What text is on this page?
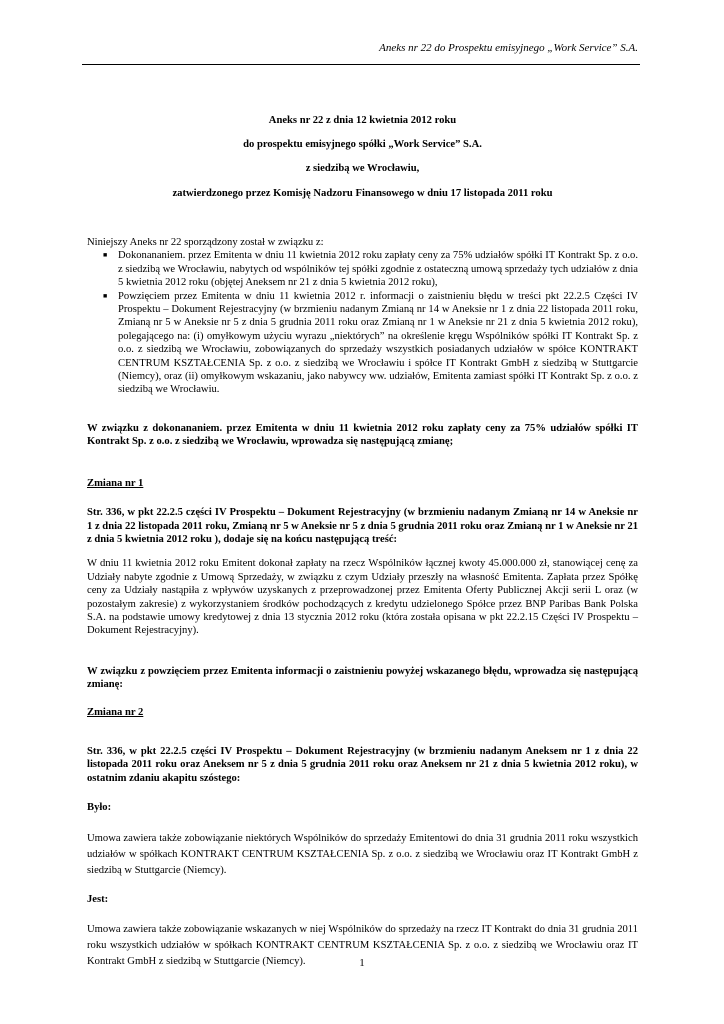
Aneks nr 22 do Prospektu emisyjnego „Work Service” S.A.
Aneks nr 22 z dnia 12 kwietnia 2012 roku
do prospektu emisyjnego spółki „Work Service” S.A.
z siedzibą we Wrocławiu,
zatwierdzonego przez Komisję Nadzoru Finansowego w dniu 17 listopada 2011 roku

Niniejszy Aneks nr 22 sporządzony został w związku z:

■ Dokonananiem. przez Emitenta w dniu 11 kwietnia 2012 roku zapłaty ceny za 75% udziałów spółki IT Kontrakt Sp. z o.o. z siedzibą we Wrocławiu, nabytych od wspólników tej spółki zgodnie z ostateczną umową sprzedaży tych udziałów z dnia 5 kwietnia 2012 roku (objętej Aneksem nr 21 z dnia 5 kwietnia 2012 roku),
■ Powzięciem przez Emitenta w dniu 11 kwietnia 2012 r. informacji o zaistnieniu błędu w treści pkt 22.2.5 Części IV Prospektu – Dokument Rejestracyjny (w brzmieniu nadanym Zmianą nr 14 w Aneksie nr 1 z dnia 22 listopada 2011 roku, Zmianą nr 5 w Aneksie nr 5 z dnia 5 grudnia 2011 roku oraz Zmianą nr 1 w Aneksie nr 21 z dnia 5 kwietnia 2012 roku), polegającego na: (i) omyłkowym użyciu wyrazu „niektórych” na określenie kręgu Wspólników spółki IT Kontrakt Sp. z o.o. z siedzibą we Wrocławiu, zobowiązanych do sprzedaży wszystkich posiadanych udziałów w spółce KONTRAKT CENTRUM KSZTAŁCENIA Sp. z o.o. z siedzibą we Wrocławiu i spółce IT Kontrakt GmbH z siedzibą w Stuttgarcie (Niemcy), oraz (ii) omyłkowym wskazaniu, jako nabywcy ww. udziałów, Emitenta zamiast spółki IT Kontrakt Sp. z o.o. z siedzibą we Wrocławiu.

W związku z dokonananiem. przez Emitenta w dniu 11 kwietnia 2012 roku zapłaty ceny za 75% udziałów spółki IT Kontrakt Sp. z o.o. z siedzibą we Wrocławiu, wprowadza się następującą zmianę;

Zmiana nr 1

Str. 336, w pkt 22.2.5 części IV Prospektu – Dokument Rejestracyjny (w brzmieniu nadanym Zmianą nr 14 w Aneksie nr 1 z dnia 22 listopada 2011 roku, Zmianą nr 5 w Aneksie nr 5 z dnia 5 grudnia 2011 roku oraz Zmianą nr 1 w Aneksie nr 21 z dnia 5 kwietnia 2012 roku ), dodaje się na końcu następującą treść:

W dniu 11 kwietnia 2012 roku Emitent dokonał zapłaty na rzecz Wspólników łącznej kwoty 45.000.000 zł, stanowiącej cenę za Udziały nabyte zgodnie z Umową Sprzedaży, w związku z czym Udziały przeszły na własność Emitenta. Zapłata przez Spółkę ceny za Udziały nastąpiła z wpływów uzyskanych z przeprowadzonej przez Emitenta Oferty Publicznej Akcji serii L oraz (w pozostałym zakresie) z wykorzystaniem środków pochodzących z kredytu udzielonego Spółce przez BNP Paribas Bank Polska S.A. na podstawie umowy kredytowej z dnia 13 stycznia 2012 roku (która została opisana w pkt 22.2.15 Części IV Prospektu – Dokument Rejestracyjny).

W związku z powzięciem przez Emitenta informacji o zaistnieniu powyżej wskazanego błędu, wprowadza się następującą zmianę:

Zmiana nr 2

Str. 336, w pkt 22.2.5 części IV Prospektu – Dokument Rejestracyjny (w brzmieniu nadanym Aneksem nr 1 z dnia 22 listopada 2011 roku oraz Aneksem nr 5 z dnia 5 grudnia 2011 roku oraz Aneksem nr 21 z dnia 5 kwietnia 2012 roku), w ostatnim zdaniu akapitu szóstego:

Było:

Umowa zawiera także zobowiązanie niektórych Wspólników do sprzedaży Emitentowi do dnia 31 grudnia 2011 roku wszystkich udziałów w spółkach KONTRAKT CENTRUM KSZTAŁCENIA Sp. z o.o. z siedzibą we Wrocławiu oraz IT Kontrakt GmbH z siedzibą w Stuttgarcie (Niemcy).

Jest:

Umowa zawiera także zobowiązanie wskazanych w niej Wspólników do sprzedaży na rzecz IT Kontrakt do dnia 31 grudnia 2011 roku wszystkich udziałów w spółkach KONTRAKT CENTRUM KSZTAŁCENIA Sp. z o.o. z siedzibą we Wrocławiu oraz IT Kontrakt GmbH z siedzibą w Stuttgarcie (Niemcy).	1
